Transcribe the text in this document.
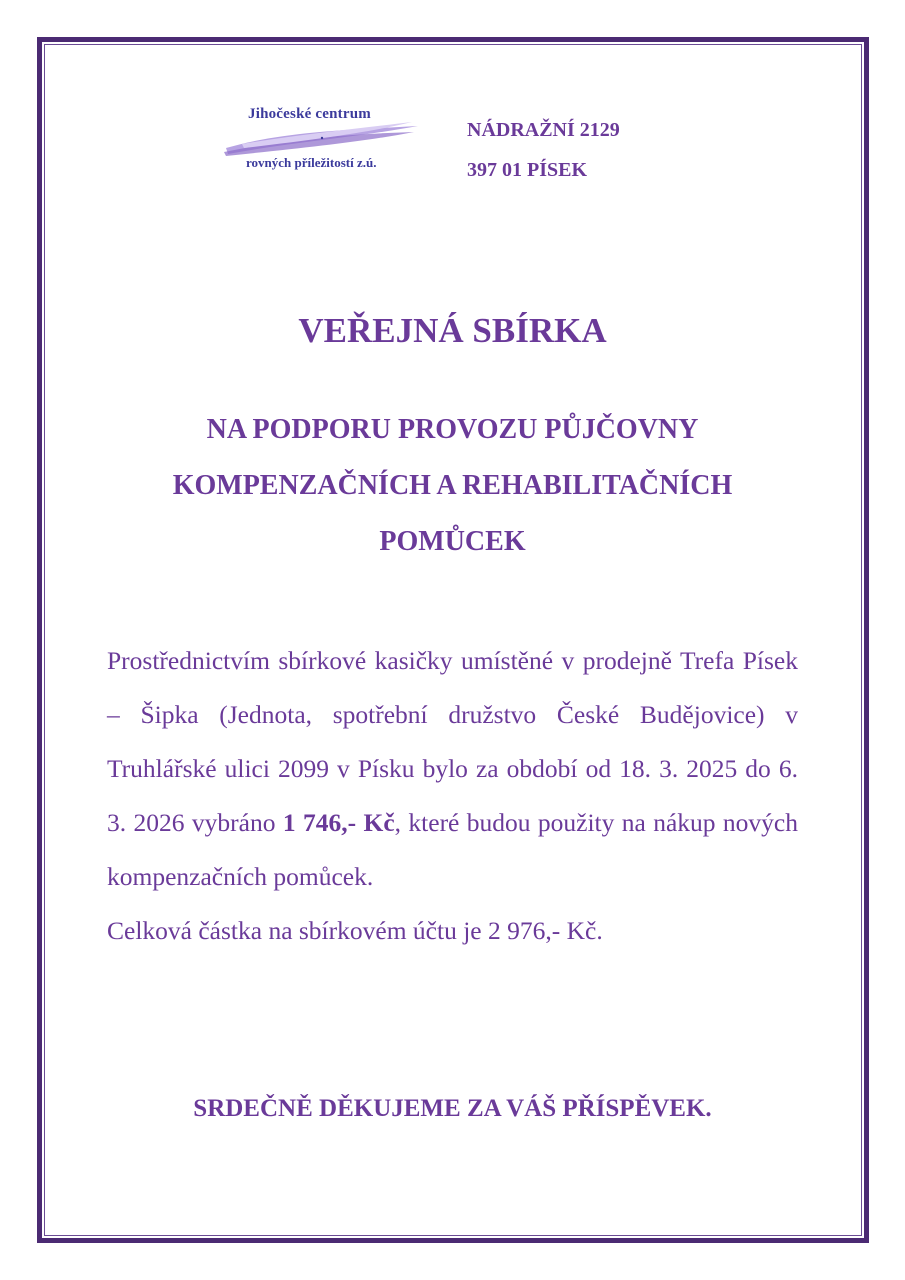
Jihočeské centrum
rovných příležitostí z.ú.
NÁDRAŽNÍ 2129
397 01 PÍSEK
VEŘEJNÁ SBÍRKA
NA PODPORU PROVOZU PŮJČOVNY
KOMPENZAČNÍCH A REHABILITAČNÍCH
POMŮCEK

Prostřednictvím sbírkové kasičky umístěné v prodejně Trefa Písek – Šipka (Jednota, spotřební družstvo České Budějovice) v Truhlářské ulici 2099 v Písku bylo za období od 18. 3. 2025 do 6. 3. 2026 vybráno 1 746,- Kč, které budou použity na nákup nových kompenzačních pomůcek.

Celková částka na sbírkovém účtu je 2 976,- Kč.

SRDEČNĚ DĚKUJEME ZA VÁŠ PŘÍSPĚVEK.
